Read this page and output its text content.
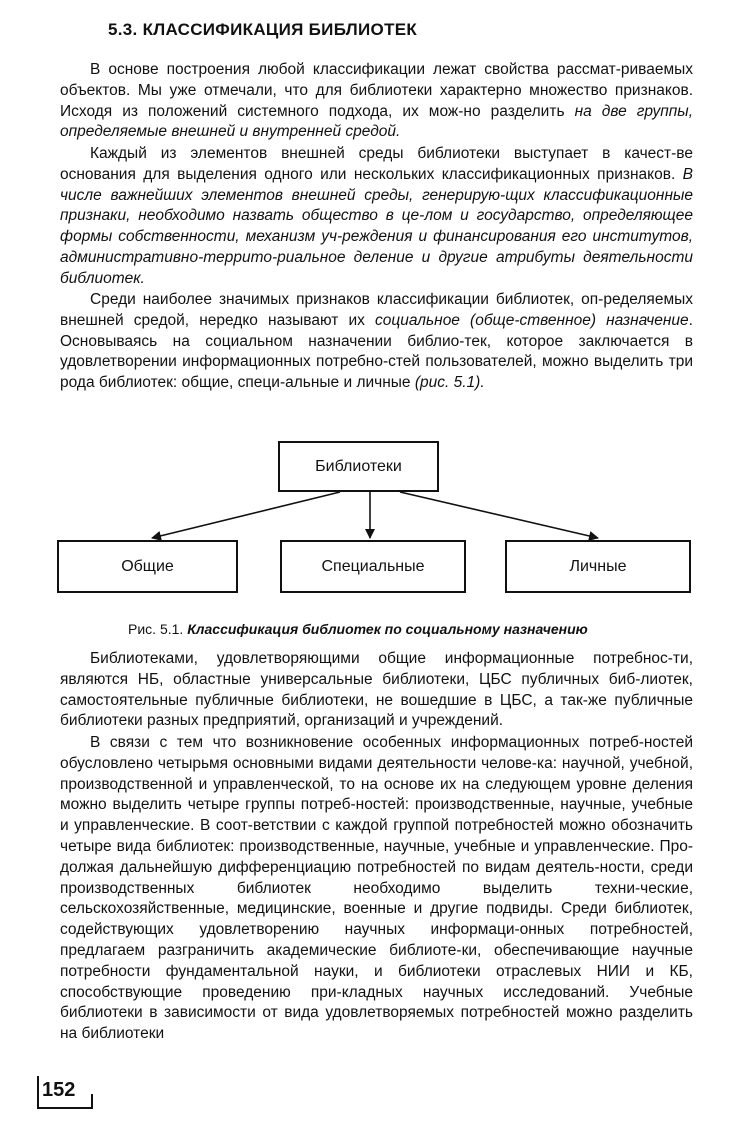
5.3. КЛАССИФИКАЦИЯ БИБЛИОТЕК

В основе построения любой классификации лежат свойства рассмат-риваемых объектов. Мы уже отмечали, что для библиотеки характерно множество признаков. Исходя из положений системного подхода, их мож-но разделить на две группы, определяемые внешней и внутренней средой.

Каждый из элементов внешней среды библиотеки выступает в качест-ве основания для выделения одного или нескольких классификационных признаков. В числе важнейших элементов внешней среды, генерирую-щих классификационные признаки, необходимо назвать общество в це-лом и государство, определяющее формы собственности, механизм уч-реждения и финансирования его институтов, административно-террито-риальное деление и другие атрибуты деятельности библиотек.

Среди наиболее значимых признаков классификации библиотек, оп-ределяемых внешней средой, нередко называют их социальное (обще-ственное) назначение. Основываясь на социальном назначении библио-тек, которое заключается в удовлетворении информационных потребно-стей пользователей, можно выделить три рода библиотек: общие, специ-альные и личные (рис. 5.1).

Библиотеки
Общие	Специальные	Личные
Рис. 5.1. Классификация библиотек по социальному назначению

Библиотеками, удовлетворяющими общие информационные потребнос-ти, являются НБ, областные универсальные библиотеки, ЦБС публичных биб-лиотек, самостоятельные публичные библиотеки, не вошедшие в ЦБС, а так-же публичные библиотеки разных предприятий, организаций и учреждений.

В связи с тем что возникновение особенных информационных потреб-ностей обусловлено четырьмя основными видами деятельности челове-ка: научной, учебной, производственной и управленческой, то на основе их на следующем уровне деления можно выделить четыре группы потреб-ностей: производственные, научные, учебные и управленческие. В соот-ветствии с каждой группой потребностей можно обозначить четыре вида библиотек: производственные, научные, учебные и управленческие. Про-должая дальнейшую дифференциацию потребностей по видам деятель-ности, среди производственных библиотек необходимо выделить техни-ческие, сельскохозяйственные, медицинские, военные и другие подвиды. Среди библиотек, содействующих удовлетворению научных информаци-онных потребностей, предлагаем разграничить академические библиоте-ки, обеспечивающие научные потребности фундаментальной науки, и библиотеки отраслевых НИИ и КБ, способствующие проведению при-кладных научных исследований. Учебные библиотеки в зависимости от вида удовлетворяемых потребностей можно разделить на библиотеки

152
